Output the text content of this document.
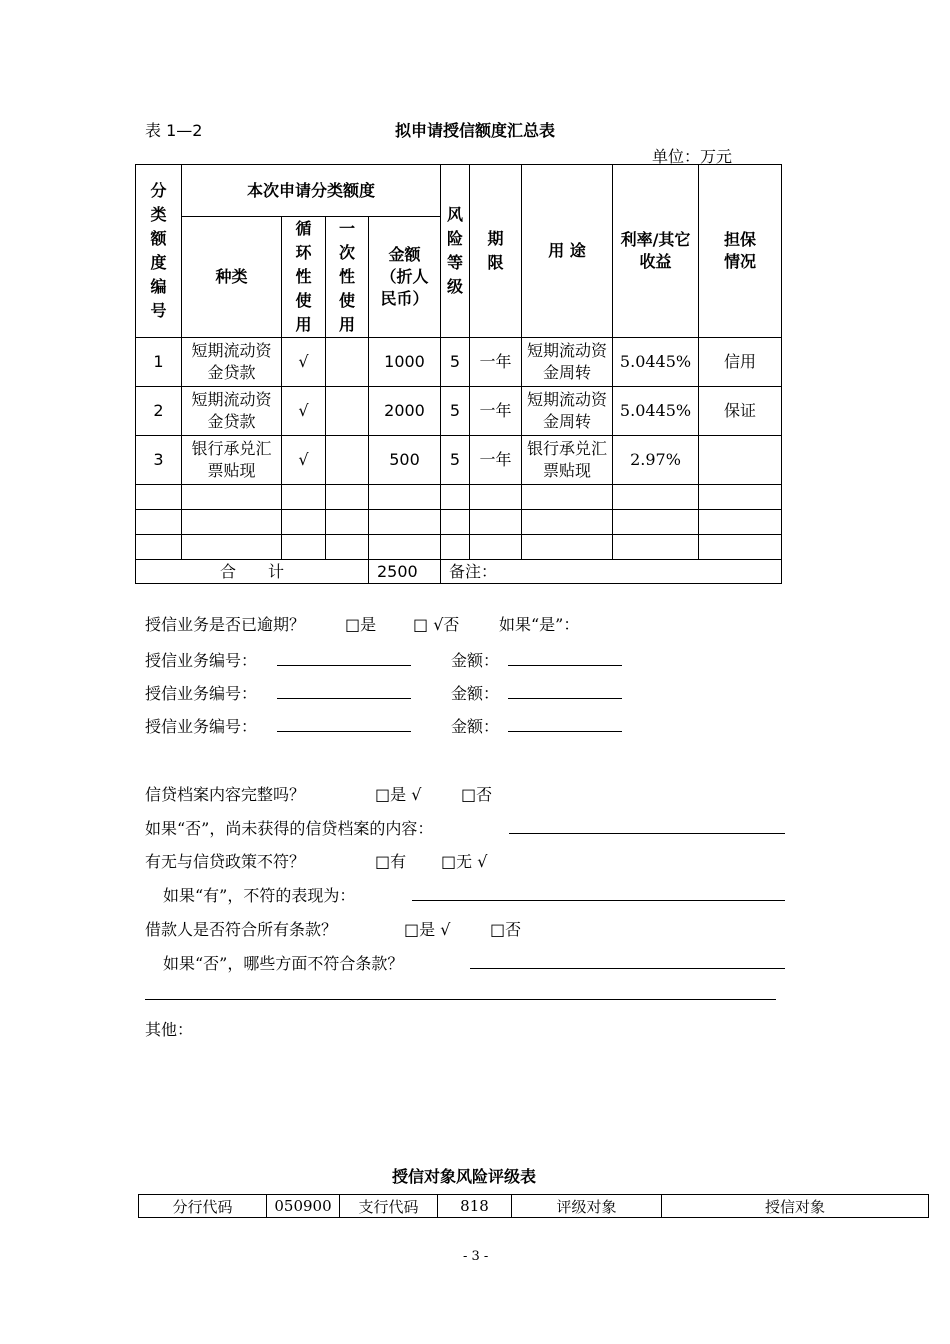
表 1—2	拟申请授信额度汇总表
单位：万元
分类额度编号	本次申请分类额度				风险等级	期限	用 途	利率/其它收益	担保情况
	种类	循环性使用	一次性使用	金额（折人民币）					
1	短期流动资金贷款	√		1000	5	一年	短期流动资金周转	5.0445%	信用
2	短期流动资金贷款	√		2000	5	一年	短期流动资金周转	5.0445%	保证
3	银行承兑汇票贴现	√		500	5	一年	银行承兑汇票贴现	2.97%	

合　　计				2500	备注：				
授信业务是否已逾期？ □是 □ √否 如果“是”：
授信业务编号：	金额：
授信业务编号：	金额：
授信业务编号：	金额：
信贷档案内容完整吗？	□是 √ □否
如果“否”，尚未获得的信贷档案的内容：
有无与信贷政策不符？	□有 □无 √
如果“有”，不符的表现为：
借款人是否符合所有条款？	□是 √ □否
如果“否”，哪些方面不符合条款？
其他：
授信对象风险评级表
分行代码	050900	支行代码	818	评级对象	授信对象
- 3 -
